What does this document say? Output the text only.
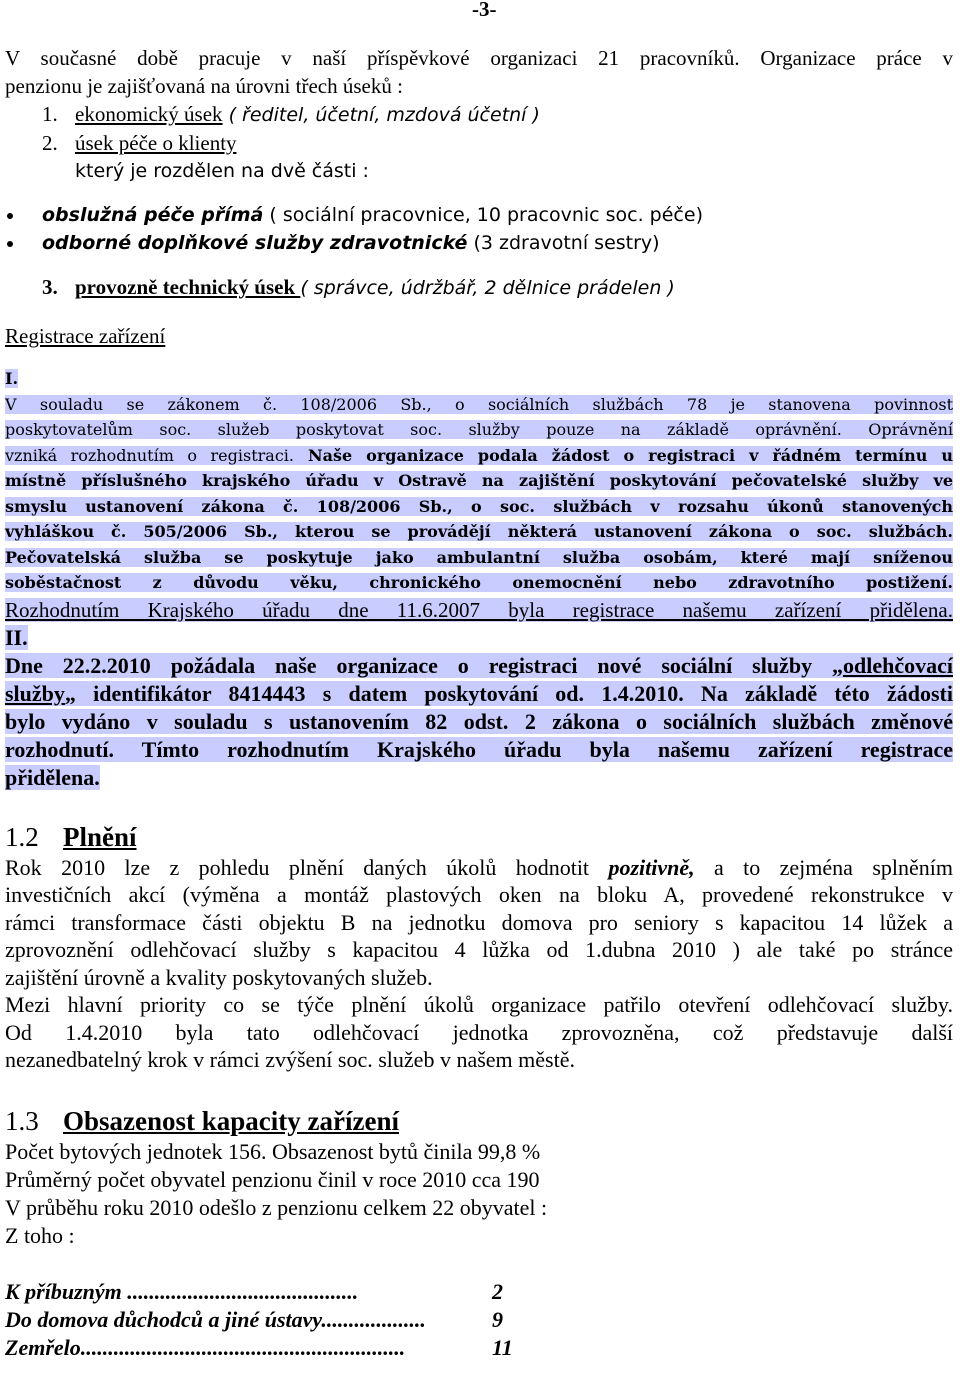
-3-

V současné době pracuje v naší příspěvkové organizaci 21 pracovníků. Organizace práce v

penzionu je zajišťovaná na úrovni třech úseků :

1. ekonomický úsek ( ředitel, účetní, mzdová účetní )
2. úsek péče o klienty
který je rozdělen na dvě části :
obslužná péče přímá ( sociální pracovnice, 10 pracovnic soc. péče)
odborné doplňkové služby zdravotnické (3 zdravotní sestry)
3. provozně technický úsek ( správce, údržbář, 2 dělnice prádelen )

Registrace zařízení

I.
V souladu se zákonem č. 108/2006 Sb., o sociálních službách 78 je stanovena povinnost
poskytovatelům soc. služeb poskytovat soc. služby pouze na základě oprávnění. Oprávnění
vzniká rozhodnutím o registraci. Naše organizace podala žádost o registraci v řádném termínu u
místně příslušného krajského úřadu v Ostravě na zajištění poskytování pečovatelské služby ve
smyslu ustanovení zákona č. 108/2006 Sb., o soc. službách v rozsahu úkonů stanovených
vyhláškou č. 505/2006 Sb., kterou se provádějí některá ustanovení zákona o soc. službách.
Pečovatelská služba se poskytuje jako ambulantní služba osobám, které mají sníženou
soběstačnost z důvodu věku, chronického onemocnění nebo zdravotního postižení.
Rozhodnutím Krajského úřadu dne 11.6.2007 byla registrace našemu zařízení přidělena.
II.
Dne 22.2.2010 požádala naše organizace o registraci nové sociální služby „odlehčovací
služby„ identifikátor 8414443 s datem poskytování od. 1.4.2010. Na základě této žádosti
bylo vydáno v souladu s ustanovením 82 odst. 2 zákona o sociálních službách změnové
rozhodnutí. Tímto rozhodnutím Krajského úřadu byla našemu zařízení registrace
přidělena.
1.2 Plnění
Rok 2010 lze z pohledu plnění daných úkolů hodnotit pozitivně, a to zejména splněním
investičních akcí (výměna a montáž plastových oken na bloku A, provedené rekonstrukce v
rámci transformace části objektu B na jednotku domova pro seniory s kapacitou 14 lůžek a
zprovoznění odlehčovací služby s kapacitou 4 lůžka od 1.dubna 2010 ) ale také po stránce
zajištění úrovně a kvality poskytovaných služeb.
Mezi hlavní priority co se týče plnění úkolů organizace patřilo otevření odlehčovací služby.
Od 1.4.2010 byla tato odlehčovací jednotka zprovozněna, což představuje další
nezanedbatelný krok v rámci zvýšení soc. služeb v našem městě.
1.3 Obsazenost kapacity zařízení

Počet bytových jednotek 156. Obsazenost bytů činila 99,8 %

Průměrný počet obyvatel penzionu činil v roce 2010 cca 190

V průběhu roku 2010 odešlo z penzionu celkem 22 obyvatel :

Z toho :

K příbuzným ..........................................	2

Do domova důchodců a jiné ústavy...................	9

Zemřelo...........................................................	11
